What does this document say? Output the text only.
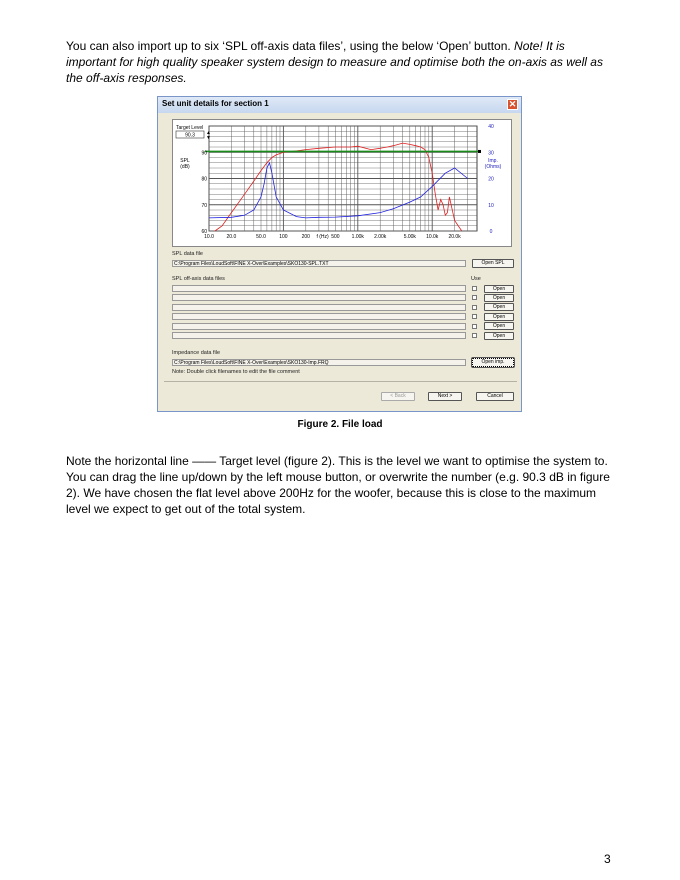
You can also import up to six ‘SPL off-axis data files’, using the below ‘Open’ button. Note! It is important for high quality speaker system design to measure and optimise both the on-axis as well as the off-axis responses.
Set unit details for section 1	✕
10.0	20.0	50.0	100	200	500 1.00k 2.00k	5.00k 10.0k 20.0k
f (Hz)
60
70
80
90
0
10
20
30
40
SPL
(dB)
Imp.
(Ohms)
Target Level
90.3 ▲
▼
SPL data file
C:\Program Files\LoudSoft\FINE X-Over\Examples\SKO130-SPL.TXT	Open SPL
SPL off-axis data files	Use
Open
Open
Open
Open
Open
Open
Impedance data file
C:\Program Files\LoudSoft\FINE X-Over\Examples\SKO130-Imp.FRQ	Open imp.
Note: Double click filenames to edit the file comment
< Back	Next >	Cancel
Figure 2. File load
Note the horizontal line —— Target level (figure 2). This is the level we want to optimise the system to. You can drag the line up/down by the left mouse button, or overwrite the number (e.g. 90.3 dB in figure 2). We have chosen the flat level above 200Hz for the woofer, because this is close to the maximum level we expect to get out of the total system.
3
